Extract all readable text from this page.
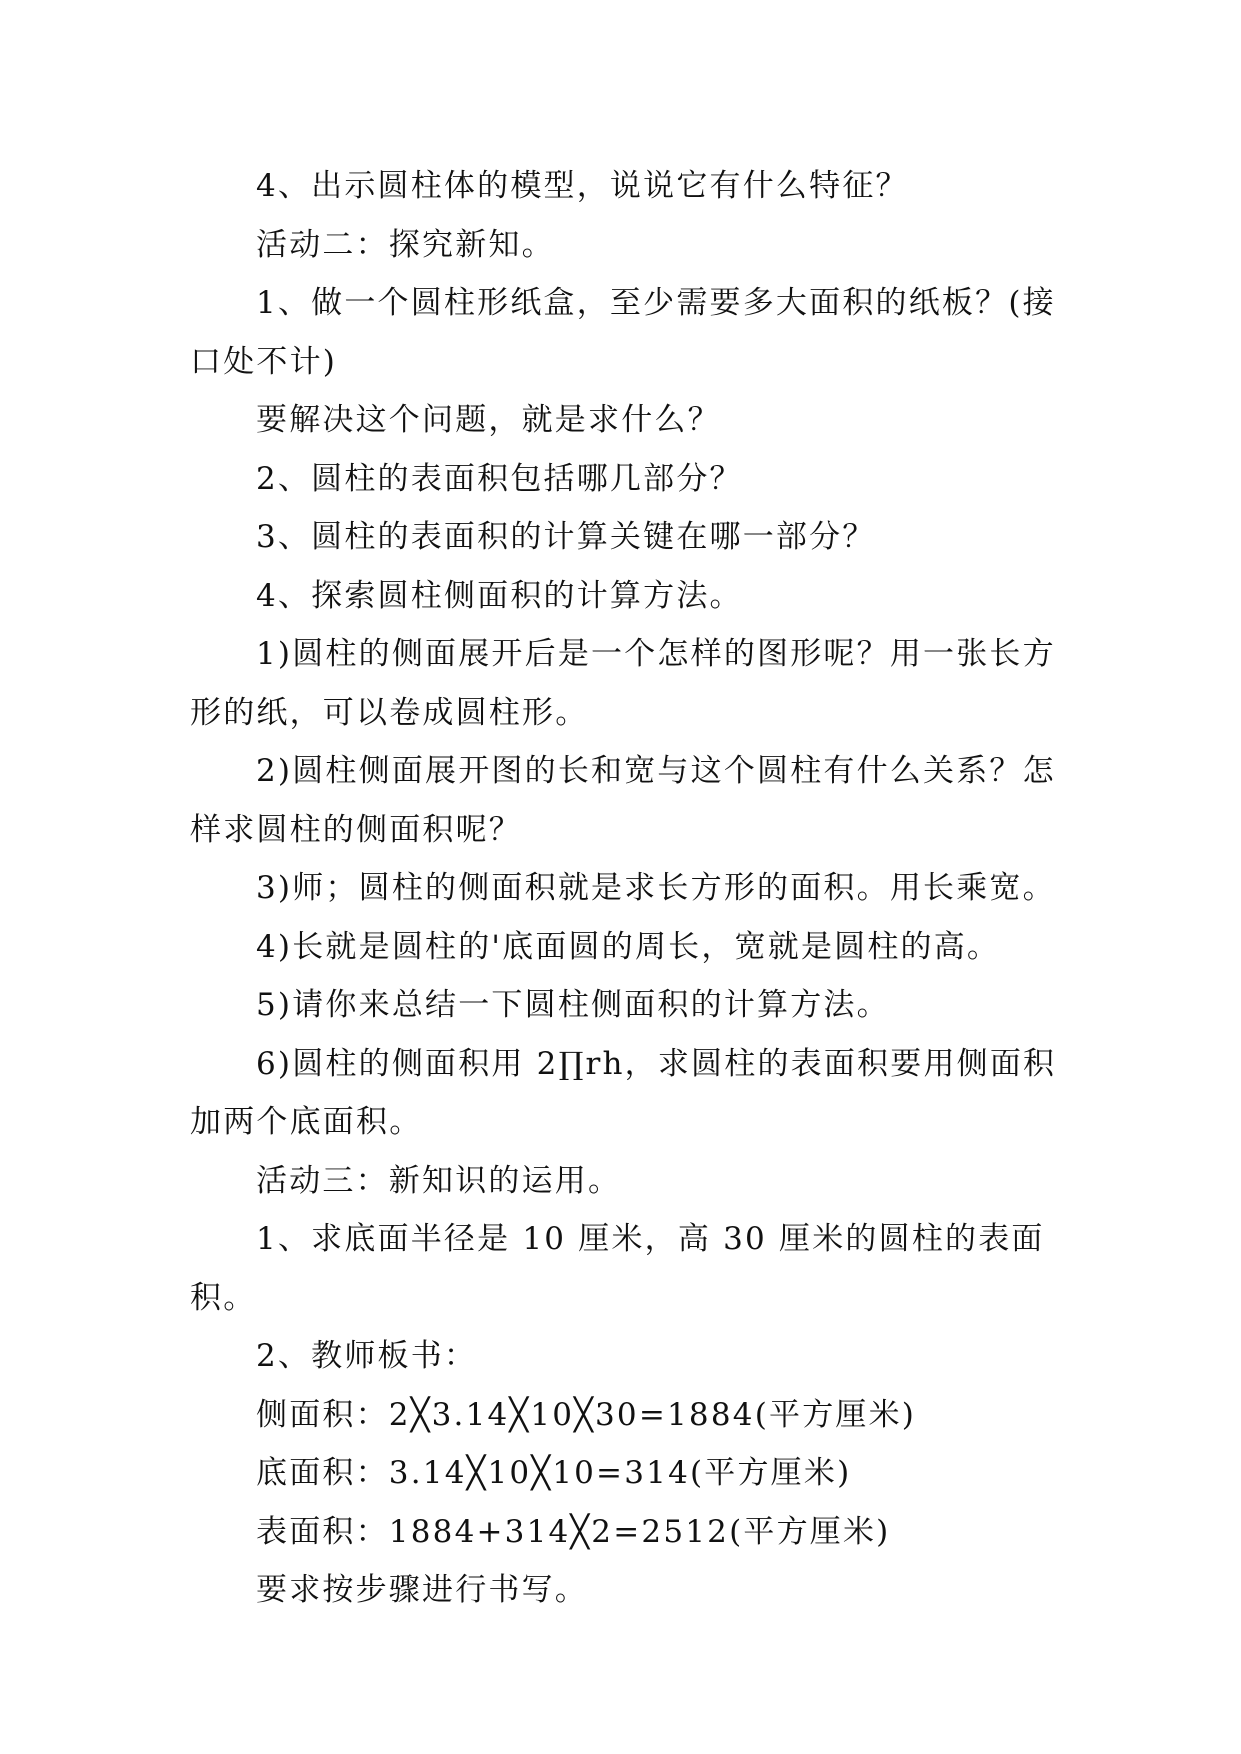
4、出示圆柱体的模型，说说它有什么特征？

活动二：探究新知。

1、做一个圆柱形纸盒，至少需要多大面积的纸板？(接口处不计)

要解决这个问题，就是求什么？

2、圆柱的表面积包括哪几部分？

3、圆柱的表面积的计算关键在哪一部分？

4、探索圆柱侧面积的计算方法。

1)圆柱的侧面展开后是一个怎样的图形呢？用一张长方形的纸，可以卷成圆柱形。

2)圆柱侧面展开图的长和宽与这个圆柱有什么关系？怎样求圆柱的侧面积呢？

3)师；圆柱的侧面积就是求长方形的面积。用长乘宽。

4)长就是圆柱的'底面圆的周长，宽就是圆柱的高。

5)请你来总结一下圆柱侧面积的计算方法。

6)圆柱的侧面积用 2∏rh，求圆柱的表面积要用侧面积加两个底面积。

活动三：新知识的运用。

1、求底面半径是 10 厘米，高 30 厘米的圆柱的表面积。

2、教师板书：

侧面积：2╳3.14╳10╳30=1884(平方厘米)

底面积：3.14╳10╳10=314(平方厘米)

表面积：1884+314╳2=2512(平方厘米)

要求按步骤进行书写。
